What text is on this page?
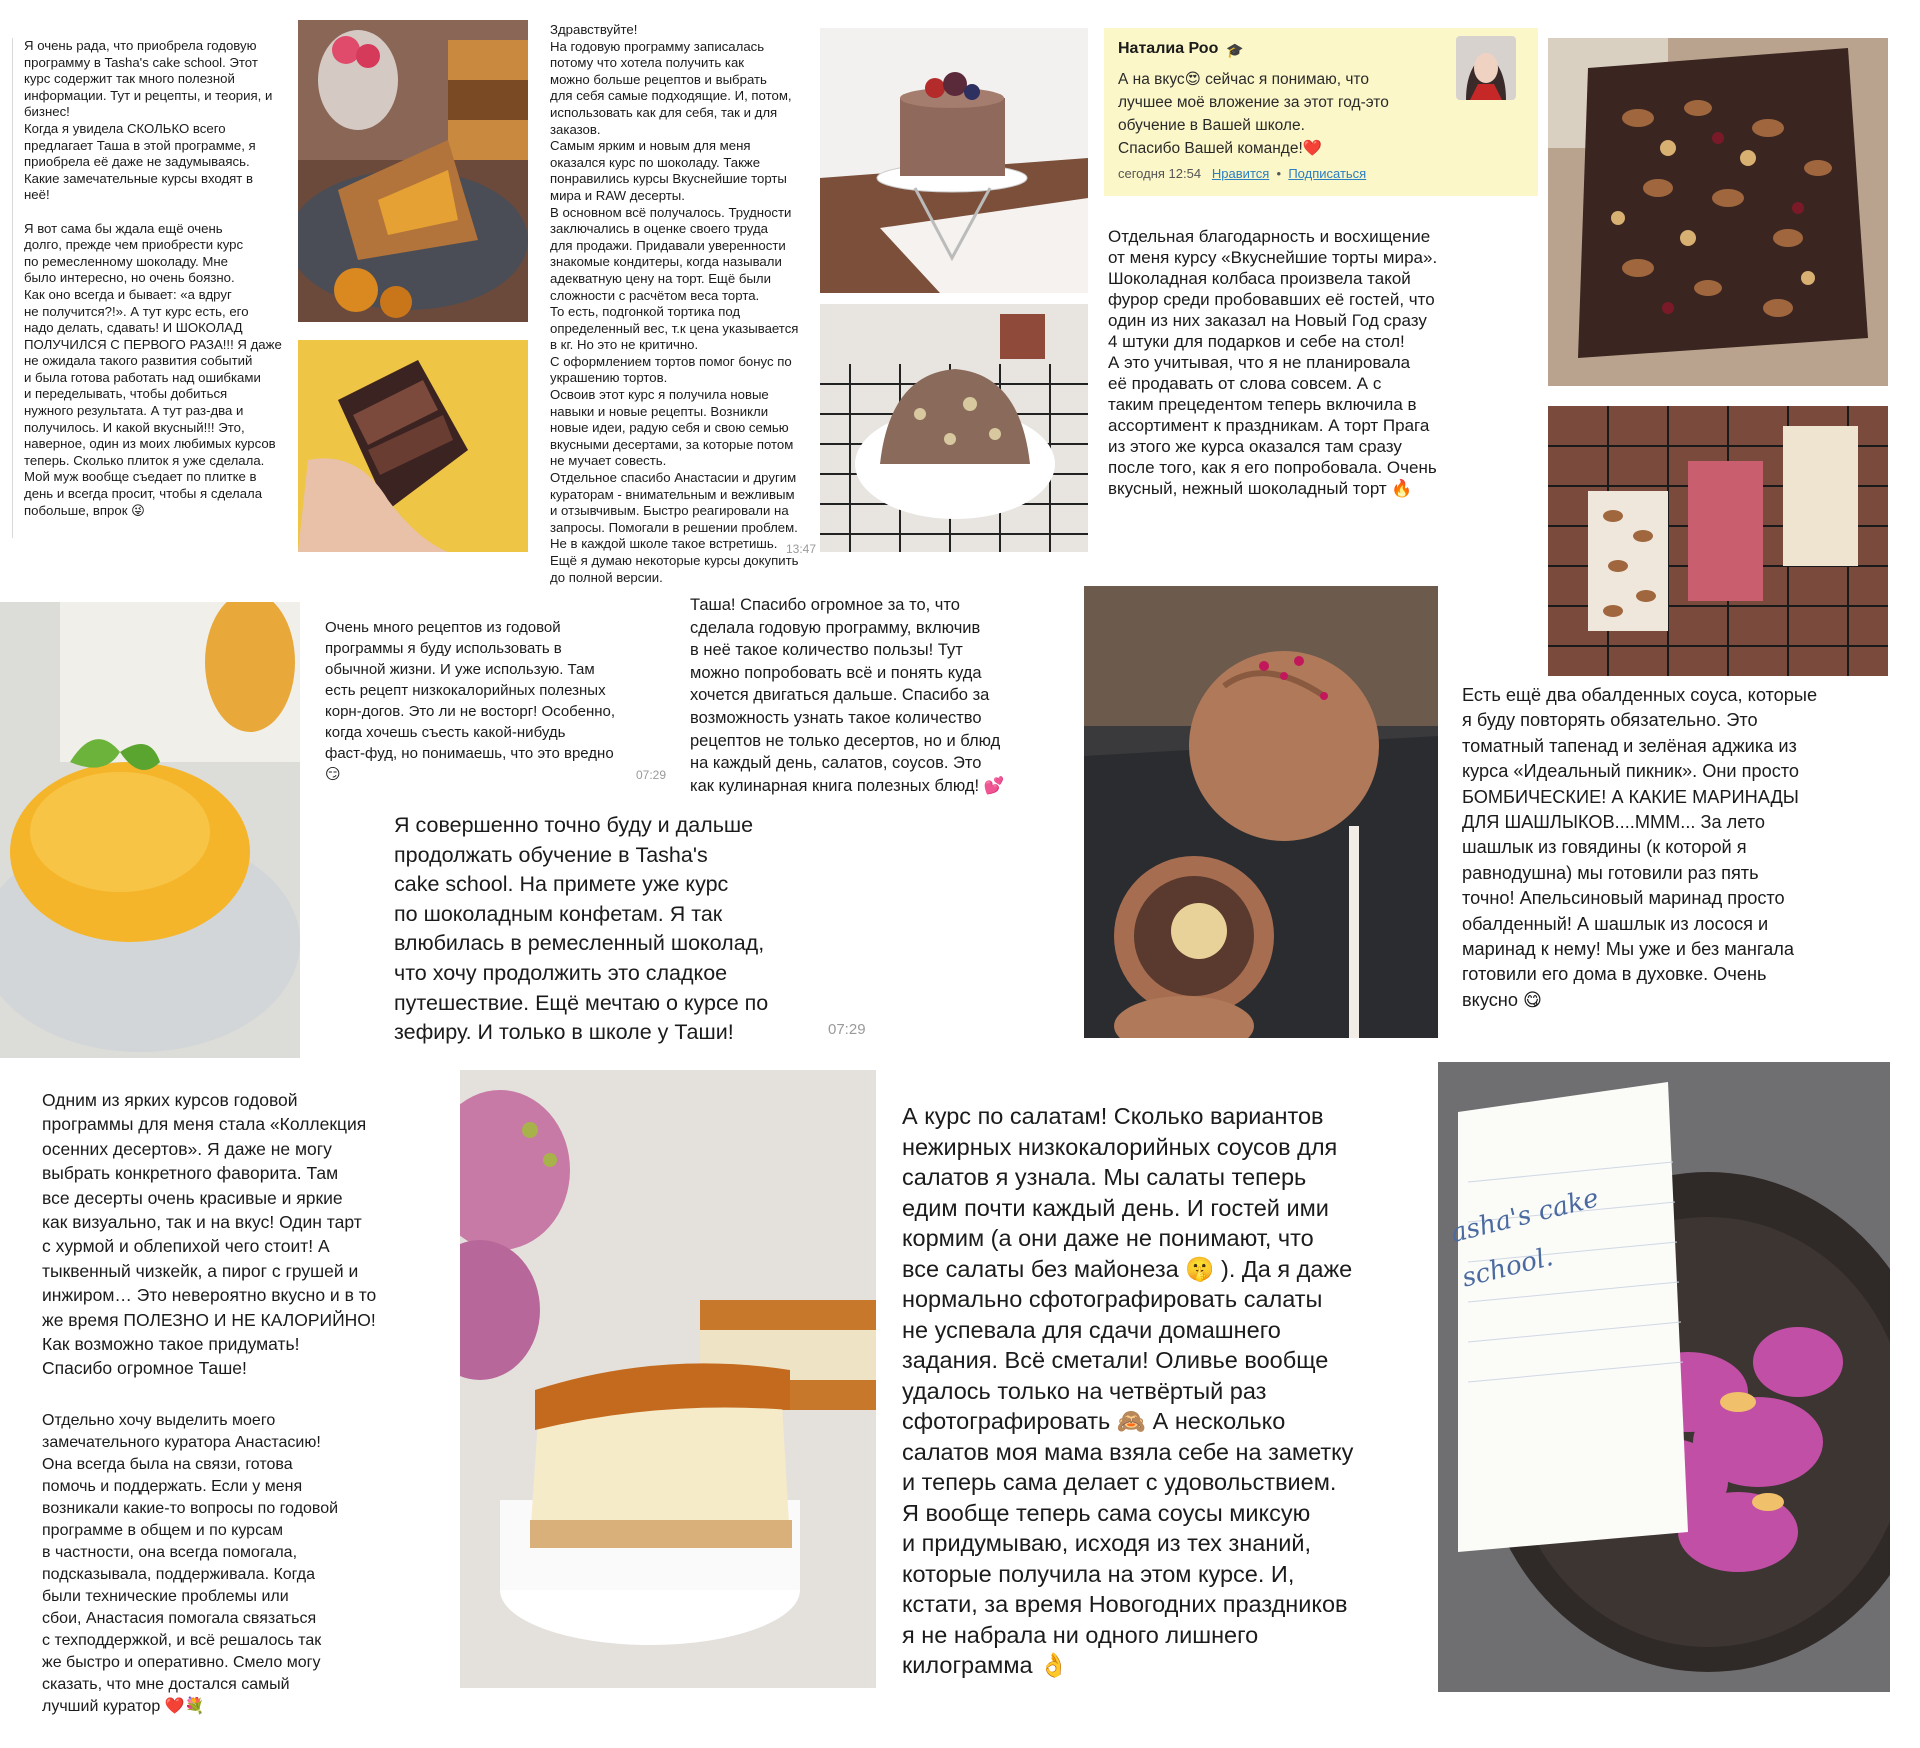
Я очень рада, что приобрела годовую
программу в Tasha's cake school. Этот
курс содержит так много полезной
информации. Тут и рецепты, и теория, и
бизнес!
Когда я увидела СКОЛЬКО всего
предлагает Таша в этой программе, я
приобрела её даже не задумываясь.
Какие замечательные курсы входят в
неё!

Я вот сама бы ждала ещё очень
долго, прежде чем приобрести курс
по ремесленному шоколаду. Мне
было интересно, но очень боязно.
Как оно всегда и бывает: «а вдруг
не получится?!». А тут курс есть, его
надо делать, сдавать! И ШОКОЛАД
ПОЛУЧИЛСЯ С ПЕРВОГО РАЗА!!! Я даже
не ожидала такого развития событий
и была готова работать над ошибками
и переделывать, чтобы добиться
нужного результата. А тут раз-два и
получилось. И какой вкусный!!! Это,
наверное, один из моих любимых курсов
теперь. Сколько плиток я уже сделала.
Мой муж вообще съедает по плитке в
день и всегда просит, чтобы я сделала
побольше, впрок 😜

Здравствуйте!
На годовую программу записалась
потому что хотела получить как
можно больше рецептов и выбрать
для себя самые подходящие. И, потом,
использовать как для себя, так и для
заказов.
Самым ярким и новым для меня
оказался курс по шоколаду. Также
понравились курсы Вкуснейшие торты
мира и RAW десерты.
В основном всё получалось. Трудности
заключались в оценке своего труда
для продажи. Придавали уверенности
знакомые кондитеры, когда называли
адекватную цену на торт. Ещё были
сложности с расчётом веса торта.
То есть, подгонкой тортика под
определенный вес, т.к цена указывается
в кг. Но это не критично.
С оформлением тортов помог бонус по
украшению тортов.
Освоив этот курс я получила новые
навыки и новые рецепты. Возникли
новые идеи, радую себя и свою семью
вкусными десертами, за которые потом
не мучает совесть.
Отдельное спасибо Анастасии и другим
кураторам - внимательным и вежливым
и отзывчивым. Быстро реагировали на
запросы. Помогали в решении проблем.
Не в каждой школе такое встретишь.
Ещё я думаю некоторые курсы докупить
до полной версии.

13:47
Наталиа Роо 🎓
А на вкус😍 сейчас я понимаю, что
лучшее моё вложение за этот год-это
обучение в Вашей школе.
Спасибо Вашей команде!❤️
сегодня 12:54 Нравится • Подписаться

Отдельная благодарность и восхищение
от меня курсу «Вкуснейшие торты мира».
Шоколадная колбаса произвела такой
фурор среди пробовавших её гостей, что
один из них заказал на Новый Год сразу
4 штуки для подарков и себе на стол!
А это учитывая, что я не планировала
её продавать от слова совсем. А с
таким прецедентом теперь включила в
ассортимент к праздникам. А торт Прага
из этого же курса оказался там сразу
после того, как я его попробовала. Очень
вкусный, нежный шоколадный торт 🔥

Очень много рецептов из годовой
программы я буду использовать в
обычной жизни. И уже использую. Там
есть рецепт низкокалорийных полезных
корн-догов. Это ли не восторг! Особенно,
когда хочешь съесть какой-нибудь
фаст-фуд, но понимаешь, что это вредно
😏	07:29

Таша! Спасибо огромное за то, что
сделала годовую программу, включив
в неё такое количество пользы! Тут
можно попробовать всё и понять куда
хочется двигаться дальше. Спасибо за
возможность узнать такое количество
рецептов не только десертов, но и блюд
на каждый день, салатов, соусов. Это
как кулинарная книга полезных блюд! 💕

Я совершенно точно буду и дальше
продолжать обучение в Tasha's
cake school. На примете уже курс
по шоколадным конфетам. Я так
влюбилась в ремесленный шоколад,
что хочу продолжить это сладкое
путешествие. Ещё мечтаю о курсе по
зефиру. И только в школе у Таши!	07:29

Есть ещё два обалденных соуса, которые
я буду повторять обязательно. Это
томатный тапенад и зелёная аджика из
курса «Идеальный пикник». Они просто
БОМБИЧЕСКИЕ! А КАКИЕ МАРИНАДЫ
ДЛЯ ШАШЛЫКОВ....МММ... За лето
шашлык из говядины (к которой я
равнодушна) мы готовили раз пять
точно! Апельсиновый маринад просто
обалденный! А шашлык из лосося и
маринад к нему! Мы уже и без мангала
готовили его дома в духовке. Очень
вкусно 😋

Одним из ярких курсов годовой
программы для меня стала «Коллекция
осенних десертов». Я даже не могу
выбрать конкретного фаворита. Там
все десерты очень красивые и яркие
как визуально, так и на вкус! Один тарт
с хурмой и облепихой чего стоит! А
тыквенный чизкейк, а пирог с грушей и
инжиром… Это невероятно вкусно и в то
же время ПОЛЕЗНО И НЕ КАЛОРИЙНО!
Как возможно такое придумать!
Спасибо огромное Таше!

Отдельно хочу выделить моего
замечательного куратора Анастасию!
Она всегда была на связи, готова
помочь и поддержать. Если у меня
возникали какие-то вопросы по годовой
программе в общем и по курсам
в частности, она всегда помогала,
подсказывала, поддерживала. Когда
были технические проблемы или
сбои, Анастасия помогала связаться
с техподдержкой, и всё решалось так
же быстро и оперативно. Смело могу
сказать, что мне достался самый
лучший куратор ❤️💐

А курс по салатам! Сколько вариантов
нежирных низкокалорийных соусов для
салатов я узнала. Мы салаты теперь
едим почти каждый день. И гостей ими
кормим (а они даже не понимают, что
все салаты без майонеза 🤫 ). Да я даже
нормально сфотографировать салаты
не успевала для сдачи домашнего
задания. Всё сметали! Оливье вообще
удалось только на четвёртый раз
сфотографировать 🙈 А несколько
салатов моя мама взяла себе на заметку
и теперь сама делает с удовольствием.
Я вообще теперь сама соусы миксую
и придумываю, исходя из тех знаний,
которые получила на этом курсе. И,
кстати, за время Новогодних праздников
я не набрала ни одного лишнего
килограмма 👌

asha's cake
school.
